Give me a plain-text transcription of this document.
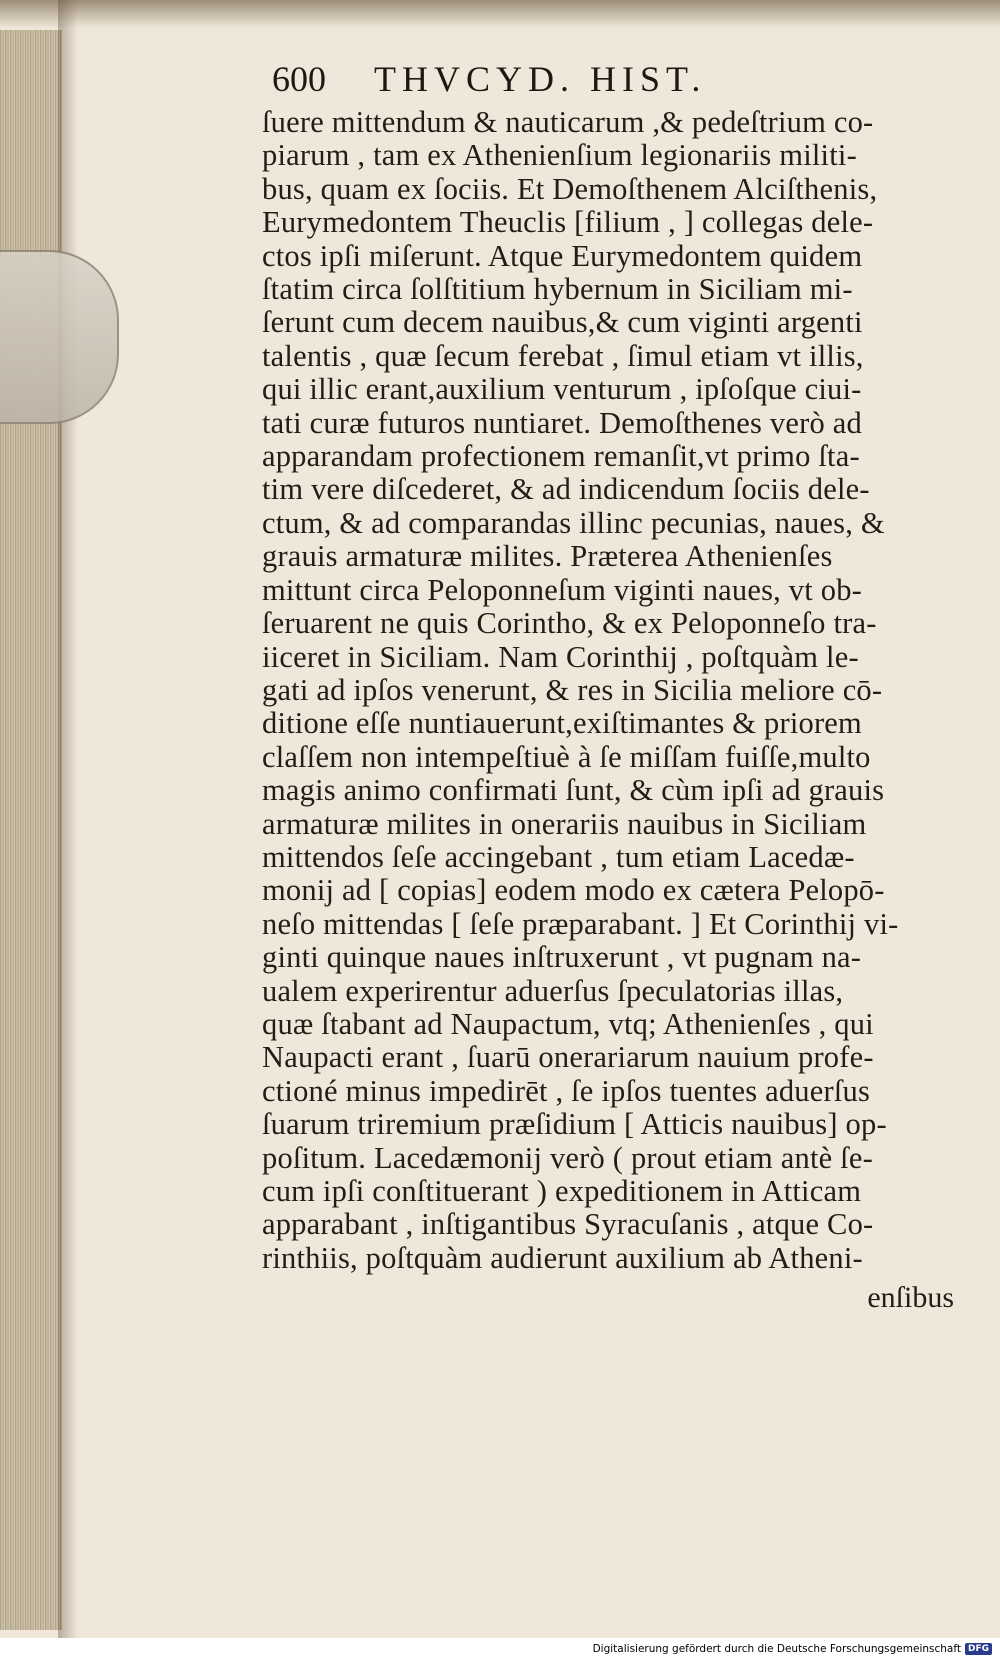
600 THVCYD. HIST.
ſuere mittendum & nauticarum ,& pedeſtrium co-
piarum , tam ex Athenienſium legionariis militi-
bus, quam ex ſociis. Et Demoſthenem Alciſthenis,
Eurymedontem Theuclis [filium , ] collegas dele-
ctos ipſi miſerunt. Atque Eurymedontem quidem
ſtatim circa ſolſtitium hybernum in Siciliam mi-
ſerunt cum decem nauibus,& cum viginti argenti
talentis , quæ ſecum ferebat , ſimul etiam vt illis,
qui illic erant,auxilium venturum , ipſoſque ciui-
tati curæ futuros nuntiaret. Demoſthenes verò ad
apparandam profectionem remanſit,vt primo ſta-
tim vere diſcederet, & ad indicendum ſociis dele-
ctum, & ad comparandas illinc pecunias, naues, &
grauis armaturæ milites. Præterea Athenienſes
mittunt circa Peloponneſum viginti naues, vt ob-
ſeruarent ne quis Corintho, & ex Peloponneſo tra-
iiceret in Siciliam. Nam Corinthij , poſtquàm le-
gati ad ipſos venerunt, & res in Sicilia meliore cō-
ditione eſſe nuntiauerunt,exiſtimantes & priorem
claſſem non intempeſtiuè à ſe miſſam fuiſſe,multo
magis animo confirmati ſunt, & cùm ipſi ad grauis
armaturæ milites in onerariis nauibus in Siciliam
mittendos ſeſe accingebant , tum etiam Lacedæ-
monij ad [ copias] eodem modo ex cætera Pelopō-
neſo mittendas [ ſeſe præparabant. ] Et Corinthij vi-
ginti quinque naues inſtruxerunt , vt pugnam na-
ualem experirentur aduerſus ſpeculatorias illas,
quæ ſtabant ad Naupactum, vtq; Athenienſes , qui
Naupacti erant , ſuarū onerariarum nauium profe-
ctioné minus impedirēt , ſe ipſos tuentes aduerſus
ſuarum triremium præſidium [ Atticis nauibus] op-
poſitum. Lacedæmonij verò ( prout etiam antè ſe-
cum ipſi conſtituerant ) expeditionem in Atticam
apparabant , inſtigantibus Syracuſanis , atque Co-
rinthiis, poſtquàm audierunt auxilium ab Atheni-
enſibus
Digitalisierung gefördert durch die Deutsche Forschungsgemeinschaft DFG
